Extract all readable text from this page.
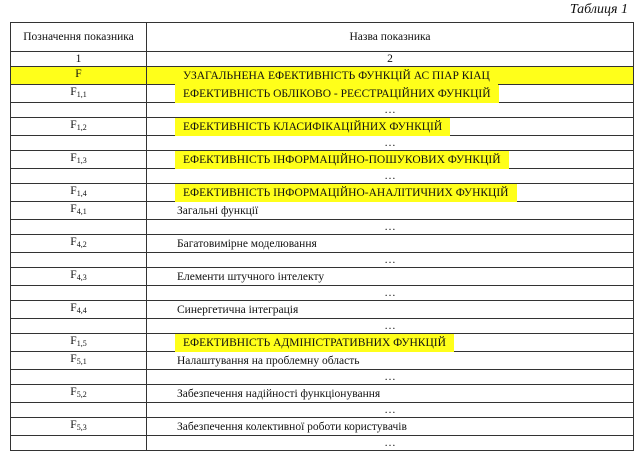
Таблиця 1
Позначення показника	Назва показника
1	2
F	УЗАГАЛЬНЕНА ЕФЕКТИВНІСТЬ ФУНКЦІЙ АС ПІАР КІАЦ
$F_{1,1}$	ЕФЕКТИВНІСТЬ ОБЛІКОВО - РЕЄСТРАЦІЙНИХ ФУНКЦІЙ
	…
$F_{1,2}$	ЕФЕКТИВНІСТЬ КЛАСИФІКАЦІЙНИХ ФУНКЦІЙ
	…
$F_{1,3}$	ЕФЕКТИВНІСТЬ ІНФОРМАЦІЙНО-ПОШУКОВИХ ФУНКЦІЙ
	…
$F_{1,4}$	ЕФЕКТИВНІСТЬ ІНФОРМАЦІЙНО-АНАЛІТИЧНИХ ФУНКЦІЙ
$F_{4,1}$	Загальні функції
	…
$F_{4,2}$	Багатовимірне моделювання
	…
$F_{4,3}$	Елементи штучного інтелекту
	…
$F_{4,4}$	Синергетична інтеграція
	…
$F_{1,5}$	ЕФЕКТИВНІСТЬ АДМІНІСТРАТИВНИХ ФУНКЦІЙ
$F_{5,1}$	Налаштування на проблемну область
	…
$F_{5,2}$	Забезпечення надійності функціонування
	…
$F_{5,3}$	Забезпечення колективної роботи користувачів
	…
